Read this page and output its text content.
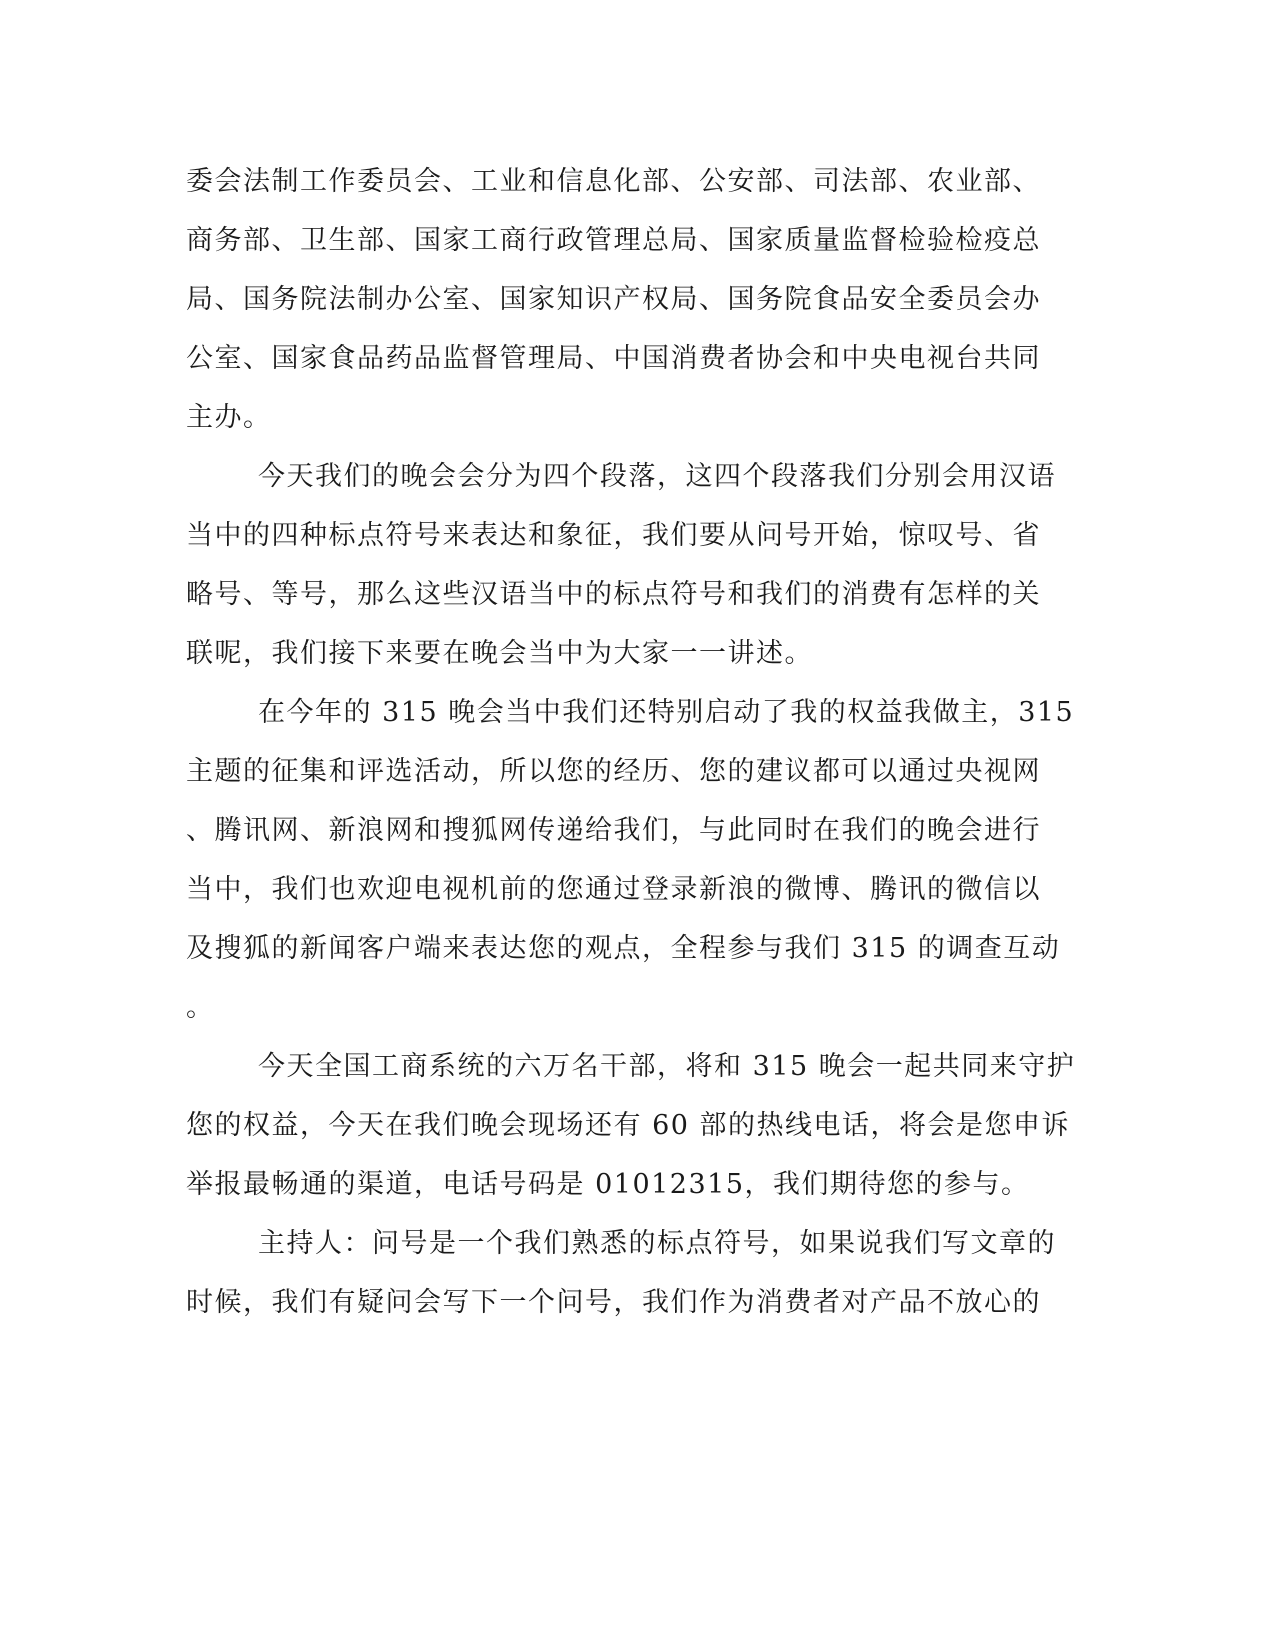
委会法制工作委员会、工业和信息化部、公安部、司法部、农业部、
商务部、卫生部、国家工商行政管理总局、国家质量监督检验检疫总
局、国务院法制办公室、国家知识产权局、国务院食品安全委员会办
公室、国家食品药品监督管理局、中国消费者协会和中央电视台共同
主办。
今天我们的晚会会分为四个段落，这四个段落我们分别会用汉语
当中的四种标点符号来表达和象征，我们要从问号开始，惊叹号、省
略号、等号，那么这些汉语当中的标点符号和我们的消费有怎样的关
联呢，我们接下来要在晚会当中为大家一一讲述。
在今年的 315 晚会当中我们还特别启动了我的权益我做主，315
主题的征集和评选活动，所以您的经历、您的建议都可以通过央视网
、腾讯网、新浪网和搜狐网传递给我们，与此同时在我们的晚会进行
当中，我们也欢迎电视机前的您通过登录新浪的微博、腾讯的微信以
及搜狐的新闻客户端来表达您的观点，全程参与我们 315 的调查互动
。
今天全国工商系统的六万名干部，将和 315 晚会一起共同来守护
您的权益，今天在我们晚会现场还有 60 部的热线电话，将会是您申诉
举报最畅通的渠道，电话号码是 01012315，我们期待您的参与。
主持人：问号是一个我们熟悉的标点符号，如果说我们写文章的
时候，我们有疑问会写下一个问号，我们作为消费者对产品不放心的
